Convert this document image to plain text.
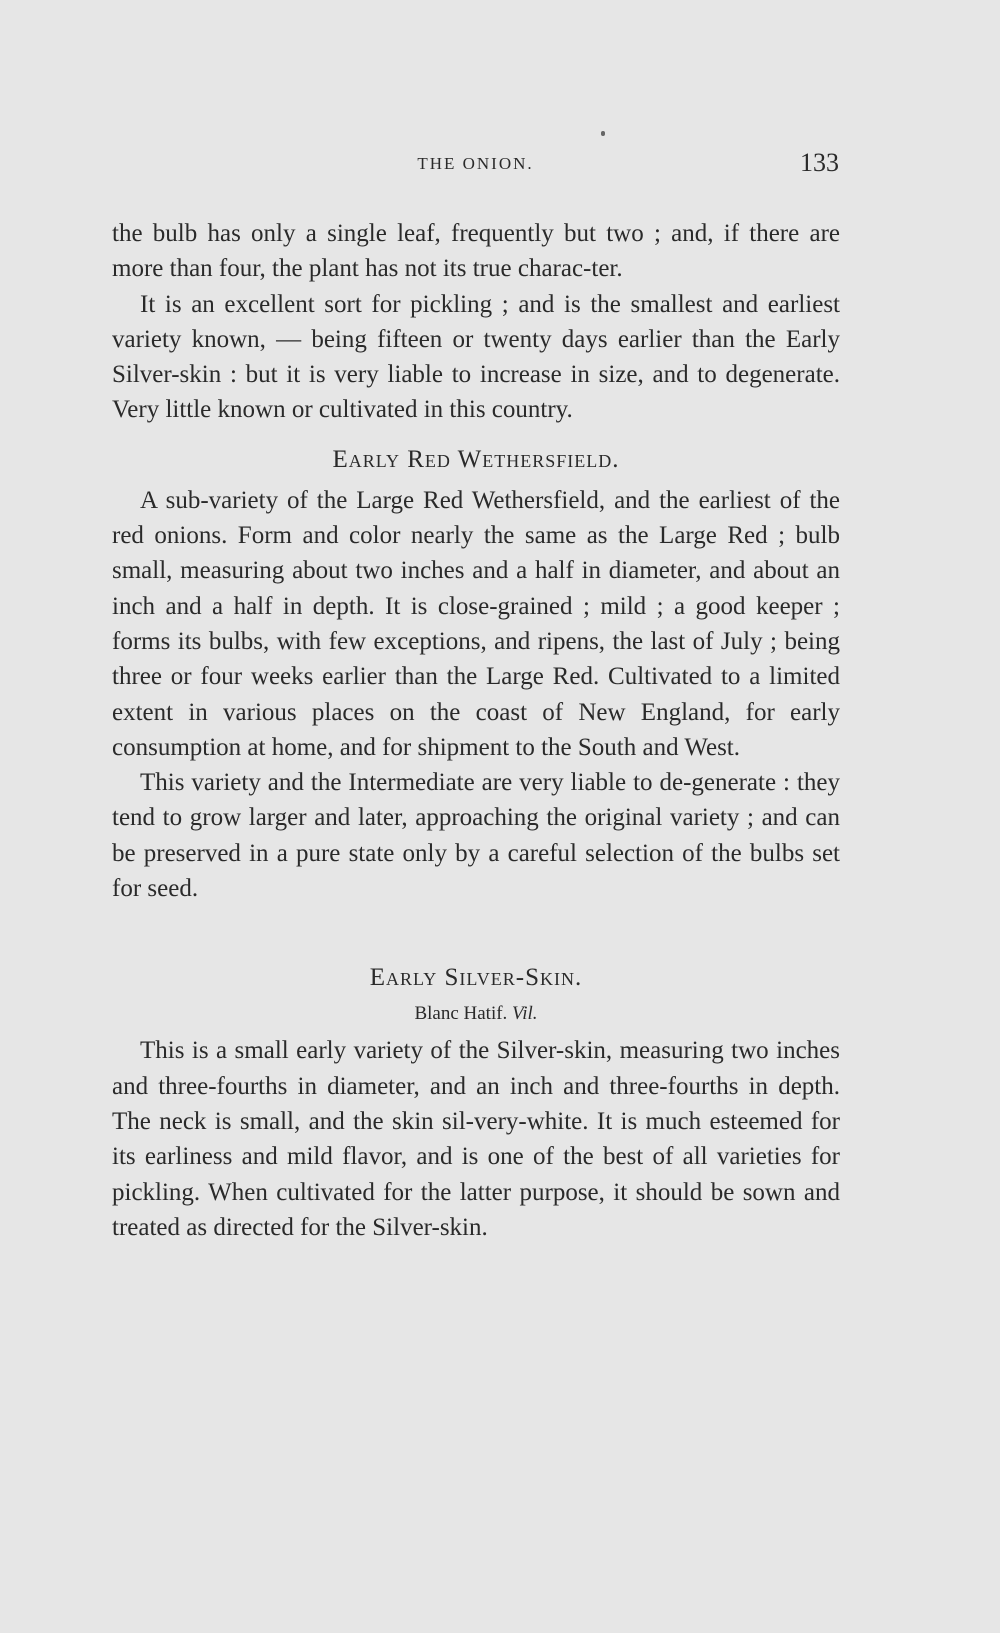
THE ONION.	133

the bulb has only a single leaf, frequently but two ; and, if there are more than four, the plant has not its true charac-ter.

It is an excellent sort for pickling ; and is the smallest and earliest variety known, — being fifteen or twenty days earlier than the Early Silver-skin : but it is very liable to increase in size, and to degenerate. Very little known or cultivated in this country.

Early Red Wethersfield.

A sub-variety of the Large Red Wethersfield, and the earliest of the red onions. Form and color nearly the same as the Large Red ; bulb small, measuring about two inches and a half in diameter, and about an inch and a half in depth. It is close-grained ; mild ; a good keeper ; forms its bulbs, with few exceptions, and ripens, the last of July ; being three or four weeks earlier than the Large Red. Cultivated to a limited extent in various places on the coast of New England, for early consumption at home, and for shipment to the South and West.

This variety and the Intermediate are very liable to de-generate : they tend to grow larger and later, approaching the original variety ; and can be preserved in a pure state only by a careful selection of the bulbs set for seed.

Early Silver-Skin.
Blanc Hatif. Vil.

This is a small early variety of the Silver-skin, measuring two inches and three-fourths in diameter, and an inch and three-fourths in depth. The neck is small, and the skin sil-very-white. It is much esteemed for its earliness and mild flavor, and is one of the best of all varieties for pickling. When cultivated for the latter purpose, it should be sown and treated as directed for the Silver-skin.
